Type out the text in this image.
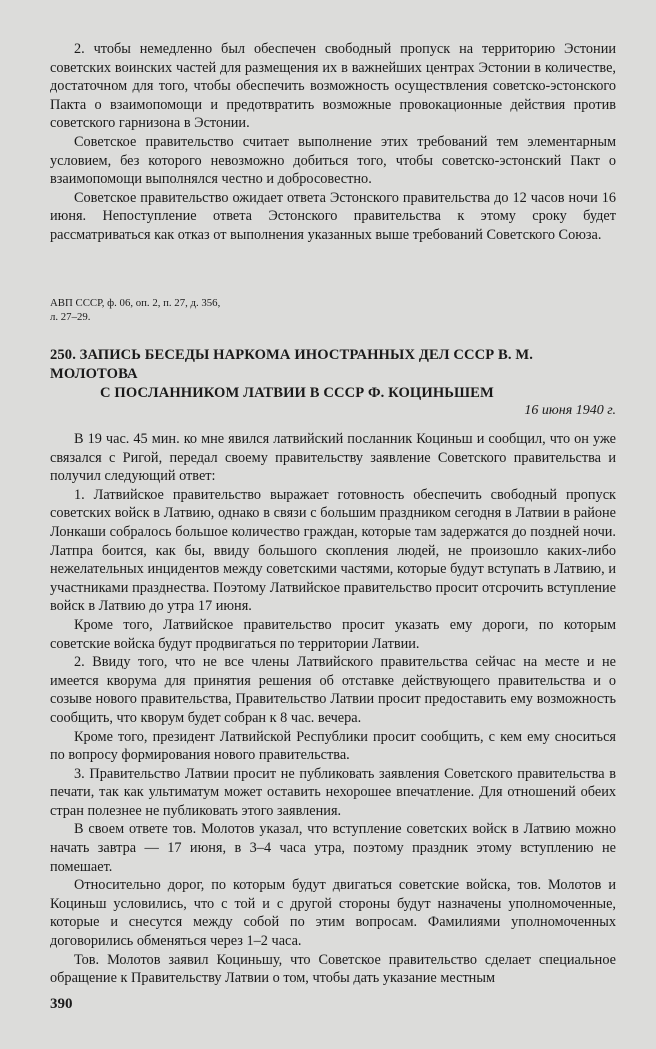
2. чтобы немедленно был обеспечен свободный пропуск на территорию Эстонии советских воинских частей для размещения их в важнейших центрах Эстонии в количестве, достаточном для того, чтобы обеспечить возможность осуществления советско-эстонского Пакта о взаимопомощи и предотвратить возможные провокационные действия против советского гарнизона в Эстонии.

Советское правительство считает выполнение этих требований тем элементарным условием, без которого невозможно добиться того, чтобы советско-эстонский Пакт о взаимопомощи выполнялся честно и добросовестно.

Советское правительство ожидает ответа Эстонского правительства до 12 часов ночи 16 июня. Непоступление ответа Эстонского правительства к этому сроку будет рассматриваться как отказ от выполнения указанных выше требований Советского Союза.

АВП СССР, ф. 06, оп. 2, п. 27, д. 356,
л. 27–29.
250. ЗАПИСЬ БЕСЕДЫ НАРКОМА ИНОСТРАННЫХ ДЕЛ СССР В. М. МОЛОТОВА
С ПОСЛАННИКОМ ЛАТВИИ В СССР Ф. КОЦИНЬШЕМ
16 июня 1940 г.

В 19 час. 45 мин. ко мне явился латвийский посланник Коциньш и сообщил, что он уже связался с Ригой, передал своему правительству заявление Советского правительства и получил следующий ответ:

1. Латвийское правительство выражает готовность обеспечить свободный пропуск советских войск в Латвию, однако в связи с большим праздником сегодня в Латвии в районе Лонкаши собралось большое количество граждан, которые там задержатся до поздней ночи. Латпра боится, как бы, ввиду большого скопления людей, не произошло каких-либо нежелательных инцидентов между советскими частями, которые будут вступать в Латвию, и участниками празднества. Поэтому Латвийское правительство просит отсрочить вступление войск в Латвию до утра 17 июня.

Кроме того, Латвийское правительство просит указать ему дороги, по которым советские войска будут продвигаться по территории Латвии.

2. Ввиду того, что не все члены Латвийского правительства сейчас на месте и не имеется кворума для принятия решения об отставке действующего правительства и о созыве нового правительства, Правительство Латвии просит предоставить ему возможность сообщить, что кворум будет собран к 8 час. вечера.

Кроме того, президент Латвийской Республики просит сообщить, с кем ему сноситься по вопросу формирования нового правительства.

3. Правительство Латвии просит не публиковать заявления Советского правительства в печати, так как ультиматум может оставить нехорошее впечатление. Для отношений обеих стран полезнее не публиковать этого заявления.

В своем ответе тов. Молотов указал, что вступление советских войск в Латвию можно начать завтра — 17 июня, в 3–4 часа утра, поэтому праздник этому вступлению не помешает.

Относительно дорог, по которым будут двигаться советские войска, тов. Молотов и Коциньш условились, что с той и с другой стороны будут назначены уполномоченные, которые и снесутся между собой по этим вопросам. Фамилиями уполномоченных договорились обменяться через 1–2 часа.

Тов. Молотов заявил Коциньшу, что Советское правительство сделает специальное обращение к Правительству Латвии о том, чтобы дать указание местным

390
